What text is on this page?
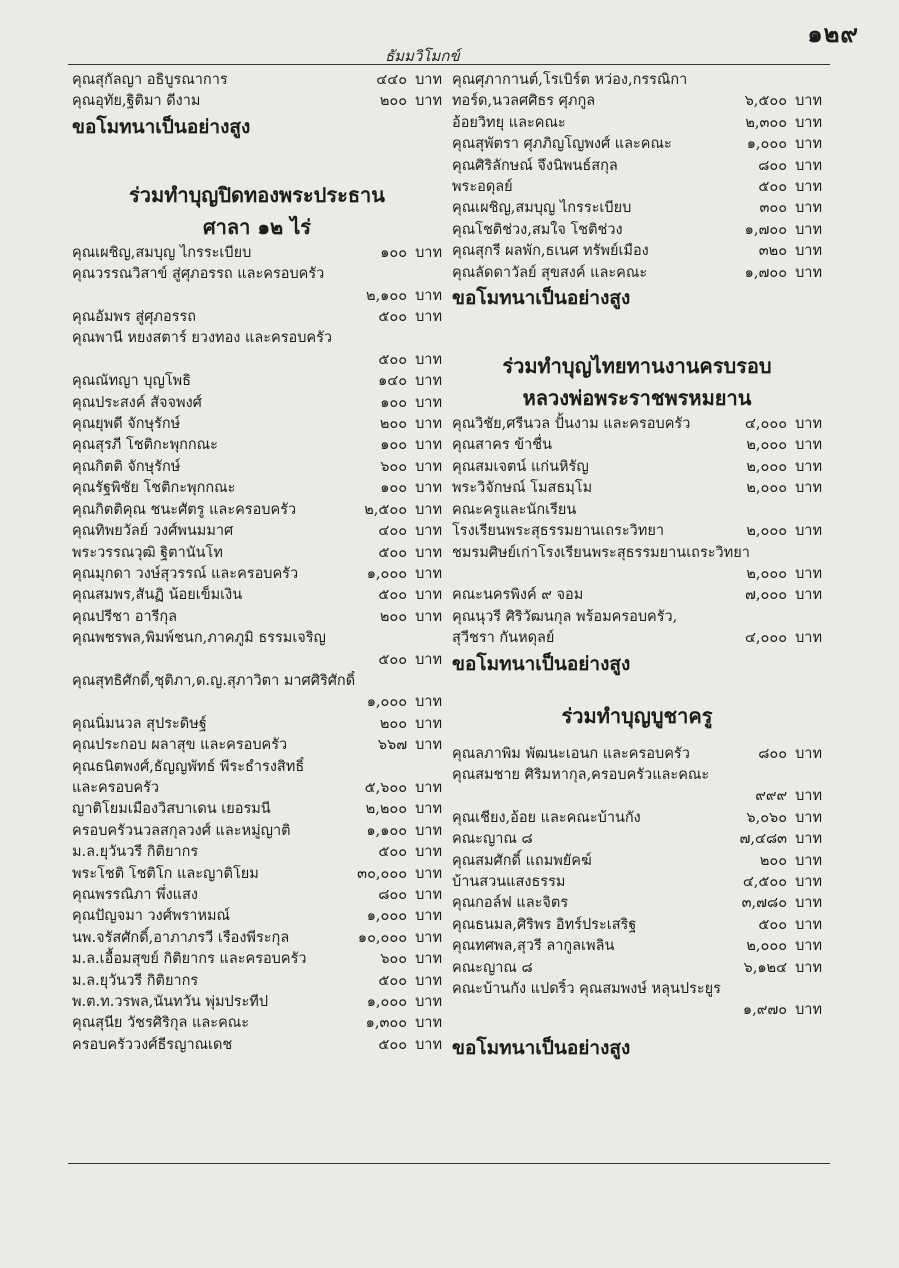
๑๒๙
ธัมมวิโมกข์
คุณสุกัลญา อธิบูรณาการ	๔๔๐ บาท
คุณอุทัย,ฐิติมา ดีงาม	๒๐๐ บาท
ขอโมทนาเป็นอย่างสูง
ร่วมทำบุญปิดทองพระประธาน
ศาลา ๑๒ ไร่
คุณเผชิญ,สมบุญ ไกรระเบียบ	๑๐๐ บาท
คุณวรรณวิสาข์ สู่ศุภอรรถ และครอบครัว
๒,๑๐๐ บาท
คุณอัมพร สู่ศุภอรรถ	๕๐๐ บาท
คุณพานี หยงสตาร์ ยวงทอง และครอบครัว
๕๐๐ บาท
คุณณัทญา บุญโพธิ	๑๔๐ บาท
คุณประสงค์ สัจจพงศ์	๑๐๐ บาท
คุณยุพดี จักษุรักษ์	๒๐๐ บาท
คุณสุรภี โชติกะพุกกณะ	๑๐๐ บาท
คุณกิตติ จักษุรักษ์	๖๐๐ บาท
คุณรัฐพิชัย โชติกะพุกกณะ	๑๐๐ บาท
คุณกิตติคุณ ชนะศัตรู และครอบครัว	๒,๕๐๐ บาท
คุณทิพยวัลย์ วงศ์พนมมาศ	๔๐๐ บาท
พระวรรณวุฒิ ฐิตานันโท	๕๐๐ บาท
คุณมุกดา วงษ์สุวรรณ์ และครอบครัว	๑,๐๐๐ บาท
คุณสมพร,สันฏิ น้อยเข็มเงิน	๕๐๐ บาท
คุณปรีชา อารีกุล	๒๐๐ บาท
คุณพชรพล,พิมพ์ชนก,ภาคภูมิ ธรรมเจริญ
๕๐๐ บาท
คุณสุทธิศักดิ์,ชุติภา,ด.ญ.สุภาวิตา มาศศิริศักดิ์
๑,๐๐๐ บาท
คุณนิ่มนวล สุประดิษฐ์	๒๐๐ บาท
คุณประกอบ ผลาสุข และครอบครัว	๖๖๗ บาท
คุณธนิตพงศ์,ธัญญพัทธ์ พีระธำรงสิทธิ์
และครอบครัว	๕,๖๐๐ บาท
ญาติโยมเมืองวิสบาเดน เยอรมนี	๒,๒๐๐ บาท
ครอบครัวนวลสกุลวงศ์ และหมู่ญาติ	๑,๑๐๐ บาท
ม.ล.ยุวันวรี กิติยากร	๕๐๐ บาท
พระโชติ โชติโก และญาติโยม	๓๐,๐๐๐ บาท
คุณพรรณิภา พึ่งแสง	๘๐๐ บาท
คุณปัญจมา วงศ์พราหมณ์	๑,๐๐๐ บาท
นพ.จรัสศักดิ์,อาภาภรวี เรืองพีระกุล	๑๐,๐๐๐ บาท
ม.ล.เอื้อมสุขย์ กิติยากร และครอบครัว	๖๐๐ บาท
ม.ล.ยุวันวรี กิติยากร	๕๐๐ บาท
พ.ต.ท.วรพล,นันทวัน พุ่มประทีป	๑,๐๐๐ บาท
คุณสุนีย วัชรศิริกุล และคณะ	๑,๓๐๐ บาท
ครอบครัววงศ์ธีรญาณเดช	๕๐๐ บาท
คุณศุภากานต์,โรเบิร์ต หว่อง,กรรณิกา
ทอร์ด,นวลศศิธร ศุภกูล	๖,๕๐๐ บาท
อ้อยวิทยุ และคณะ	๒,๓๐๐ บาท
คุณสุพัตรา ศุภภิญโญพงศ์ และคณะ	๑,๐๐๐ บาท
คุณศิริลักษณ์ จึงนิพนธ์สกุล	๘๐๐ บาท
พระอดุลย์	๕๐๐ บาท
คุณเผชิญ,สมบุญ ไกรระเบียบ	๓๐๐ บาท
คุณโชติช่วง,สมใจ โชติช่วง	๑,๗๐๐ บาท
คุณสุกรี ผลพัก,ธเนศ ทรัพย์เมือง	๓๒๐ บาท
คุณลัดดาวัลย์ สุขสงค์ และคณะ	๑,๗๐๐ บาท
ขอโมทนาเป็นอย่างสูง
ร่วมทำบุญไทยทานงานครบรอบ
หลวงพ่อพระราชพรหมยาน
คุณวิชัย,ศรีนวล ปั้นงาม และครอบครัว	๔,๐๐๐ บาท
คุณสาคร ข้าชื่น	๒,๐๐๐ บาท
คุณสมเจตน์ แก่นหิรัญ	๒,๐๐๐ บาท
พระวิจักษณ์ โมสธมฺโม	๒,๐๐๐ บาท
คณะครูและนักเรียน
โรงเรียนพระสุธรรมยานเถระวิทยา	๒,๐๐๐ บาท
ชมรมศิษย์เก่าโรงเรียนพระสุธรรมยานเถระวิทยา
๒,๐๐๐ บาท
คณะนครพิงค์ ๙ จอม	๗,๐๐๐ บาท
คุณนุวรี ศิริวัฒนกุล พร้อมครอบครัว,
สุวีชรา กันหดุลย์	๔,๐๐๐ บาท
ขอโมทนาเป็นอย่างสูง
ร่วมทำบุญบูชาครู
คุณลภาพิม พัฒนะเอนก และครอบครัว	๘๐๐ บาท
คุณสมชาย ศิริมหากุล,ครอบครัวและคณะ
๙๙๙ บาท
คุณเชียง,อ้อย และคณะบ้านกัง	๖,๐๖๐ บาท
คณะญาณ ๘	๗,๔๘๓ บาท
คุณสมศักดิ์ แถมพยัคฆ์	๒๐๐ บาท
บ้านสวนแสงธรรม	๔,๕๐๐ บาท
คุณกอล์ฟ และจิตร	๓,๗๘๐ บาท
คุณธนมล,ศิริพร อิทร์ประเสริฐ	๕๐๐ บาท
คุณทศพล,สุวรี ลากูลเพลิน	๒,๐๐๐ บาท
คณะญาณ ๘	๖,๑๒๔ บาท
คณะบ้านกัง แปดริ้ว คุณสมพงษ์ หลุนประยูร
๑,๙๗๐ บาท
ขอโมทนาเป็นอย่างสูง
